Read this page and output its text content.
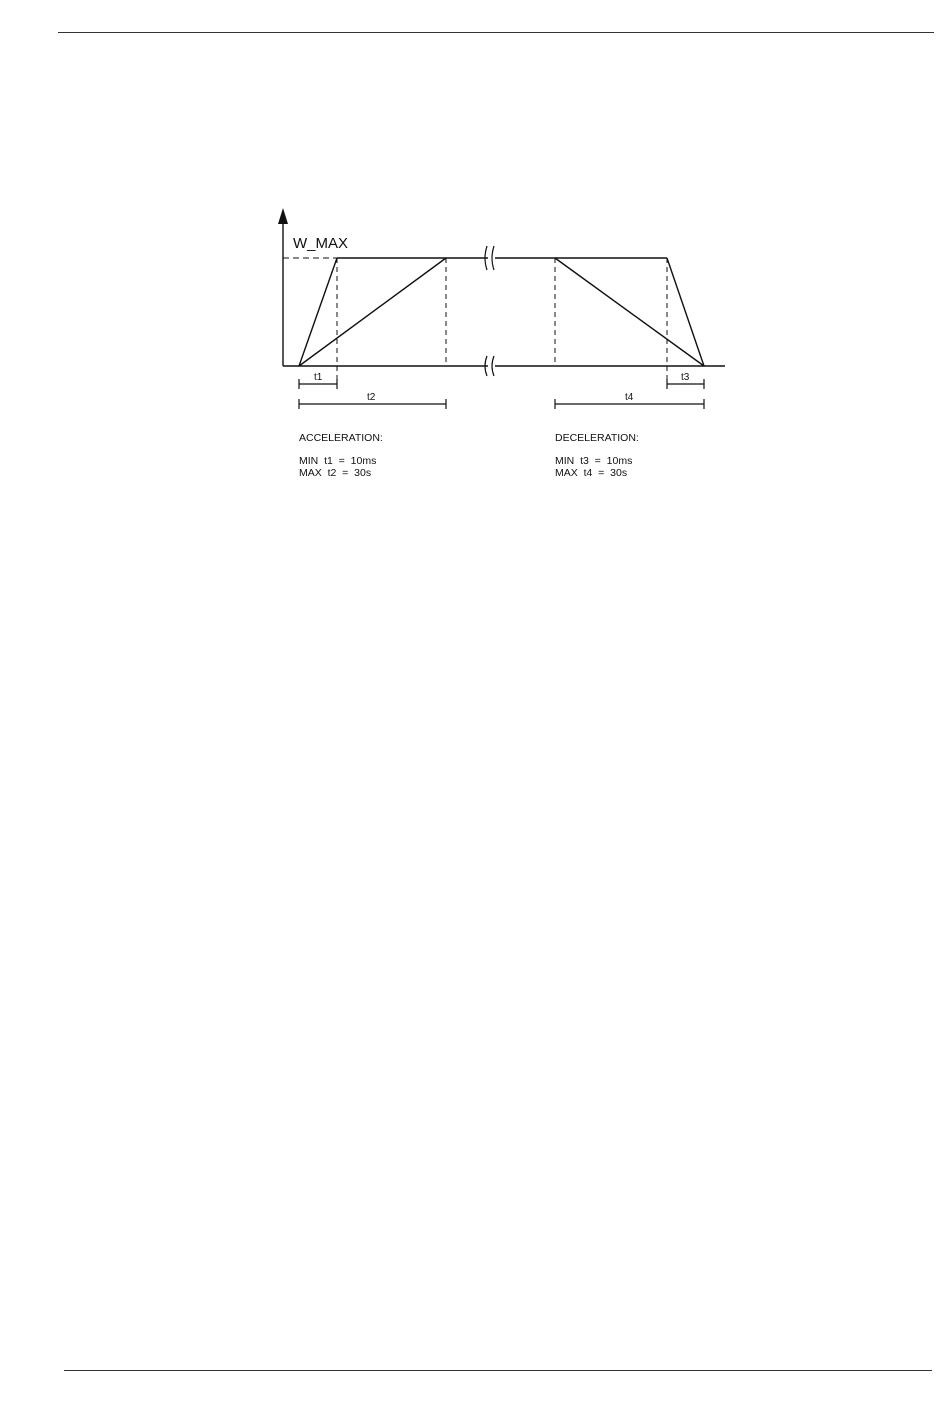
W_MAX
t1
t2
t3
t4
ACCELERATION:
MIN  t1  =  10ms
MAX  t2  =  30s
DECELERATION:
MIN  t3  =  10ms
MAX  t4  =  30s
